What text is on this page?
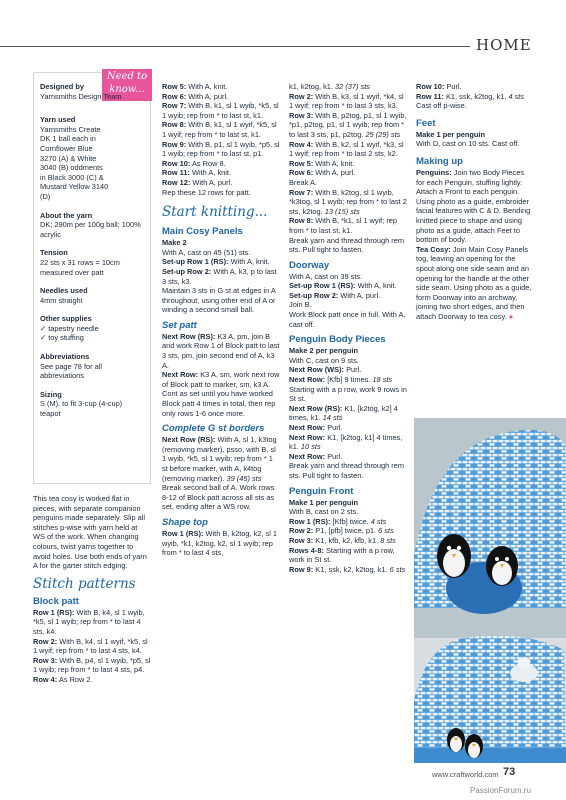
HOME
Need to know...

Designed by

Yarnsmiths Design Team

Yarn used

Yarnsmiths Create DK 1 ball each in Cornflower Blue 3270 (A) & White 3040 (B) oddments in Black 3000 (C) & Mustard Yellow 3140 (D)

About the yarn

DK; 290m per 100g ball; 100% acrylic

Tension

22 sts x 31 rows = 10cm measured over patt

Needles used

4mm straight

Other supplies

✓ tapestry needle

✓ toy stuffing

Abbreviations

See page 78 for all abbreviations

Sizing

S (M), to fit 3-cup (4-cup) teapot

This tea cosy is worked flat in pieces, with separate companion penguins made separately. Slip all stitches p-wise with yarn held at WS of the work. When changing colours, twist yarns together to avoid holes. Use both ends of yarn A for the garter stitch edging.

Stitch patterns
Block patt

Row 1 (RS): With B, k4, sl 1 wyib, *k5, sl 1 wyib; rep from * to last 4 sts, k4.

Row 2: With B, k4, sl 1 wyif, *k5, sl 1 wyif; rep from * to last 4 sts, k4.

Row 3: With B, p4, sl 1 wyib, *p5, sl 1 wyib; rep from * to last 4 sts, p4.

Row 4: As Row 2.

Row 5: With A, knit.

Row 6: With A, purl.

Row 7: With B, k1, sl 1 wyib, *k5, sl 1 wyib; rep from * to last st, k1.

Row 8: With B, k1, sl 1 wyif, *k5, sl 1 wyif; rep from * to last st, k1.

Row 9: With B, p1, sl 1 wyib, *p5, sl 1 wyib; rep from * to last st, p1.

Row 10: As Row 8.

Row 11: With A, knit.

Row 12: With A, purl.

Rep these 12 rows for patt.

Start knitting...
Main Cosy Panels

Make 2

With A, cast on 45 (51) sts.

Set-up Row 1 (RS): With A, knit.

Set-up Row 2: With A, k3, p to last 3 sts, k3.

Maintain 3 sts in G st at edges in A throughout, using other end of A or winding a second small ball.

Set patt

Next Row (RS): K3 A, pm, join B and work Row 1 of Block patt to last 3 sts, pm, join second end of A, k3 A.

Next Row: K3 A, sm, work next row of Block patt to marker, sm, k3 A.

Cont as set until you have worked Block patt 4 times in total, then rep only rows 1-6 once more.

Complete G st borders

Next Row (RS): With A, sl 1, k3tog (removing marker), psso, with B, sl 1 wyib, *k5, sl 1 wyib; rep from * 1 st before marker, with A, k4tog (removing marker). 39 (45) sts

Break second ball of A. Work rows 8-12 of Block patt across all sts as set, ending after a WS row.

Shape top

Row 1 (RS): With B, k2tog, k2, sl 1 wyib, *k1, k2tog, k2, sl 1 wyib; rep from * to last 4 sts,

k1, k2tog, k1. 32 (37) sts

Row 2: With B, k3, sl 1 wyif, *k4, sl 1 wyif; rep from * to last 3 sts, k3.

Row 3: With B, p2tog, p1, sl 1 wyib, *p1, p2tog, p1, sl 1 wyib; rep from * to last 3 sts, p1, p2tog. 25 (29) sts

Row 4: With B, k2, sl 1 wyif, *k3, sl 1 wyif; rep from * to last 2 sts, k2.

Row 5: With A, knit.

Row 6: With A, purl.

Break A.

Row 7: With B, k2tog, sl 1 wyib, *k3tog, sl 1 wyib; rep from * to last 2 sts, k2tog. 13 (15) sts

Row 8: With B, *k1, sl 1 wyif; rep from * to last st, k1.

Break yarn and thread through rem sts. Pull tight to fasten.

Doorway

With A, cast on 39 sts.

Set-up Row 1 (RS): With A, knit.

Set-up Row 2: With A, purl.

Join B.

Work Block patt once in full. With A, cast off.

Penguin Body Pieces

Make 2 per penguin

With C, cast on 9 sts.

Next Row (WS): Purl.

Next Row: [Kfb] 9 times. 18 sts

Starting with a p row, work 9 rows in St st.

Next Row (RS): K1, [k2tog, k2] 4 times, k1. 14 sts

Next Row: Purl.

Next Row: K1, [k2tog, k1] 4 times, k1. 10 sts

Next Row: Purl.

Break yarn and thread through rem sts. Pull tight to fasten.

Penguin Front

Make 1 per penguin

With B, cast on 2 sts.

Row 1 (RS): [Kfb] twice. 4 sts

Row 2: P1, [pfb] twice, p1. 6 sts

Row 3: K1, kfb, k2, kfb, k1. 8 sts

Rows 4-8: Starting with a p row, work in St st.

Row 9: K1, ssk, k2, k2tog, k1. 6 sts

Row 10: Purl.

Row 11: K1, ssk, k2tog, k1. 4 sts

Cast off p-wise.

Feet

Make 1 per penguin

With D, cast on 10 sts. Cast off.

Making up

Penguins: Join two Body Pieces for each Penguin, stuffing lightly. Attach a Front to each penguin. Using photo as a guide, embroider facial features with C & D. Bending knitted piece to shape and using photo as a guide, attach Feet to bottom of body.

Tea Cosy: Join Main Cosy Panels tog, leaving an opening for the spout along one side seam and an opening for the handle at the other side seam. Using photo as a guide, form Doorway into an archway, joining two short edges, and then attach Doorway to tea cosy. ●

www.craftworld.com 73
PassionForum.ru
